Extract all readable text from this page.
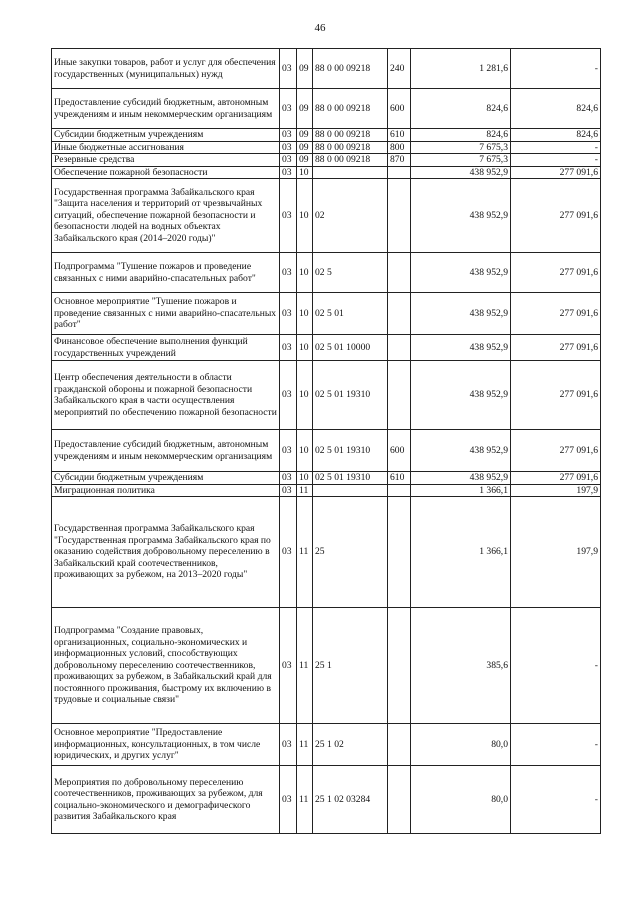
46
Иные закупки товаров, работ и услуг для обеспечения государственных (муниципальных) нужд	03	09	88 0 00 09218	240	1 281,6	-
Предоставление субсидий бюджетным, автономным учреждениям и иным некоммерческим организациям	03	09	88 0 00 09218	600	824,6	824,6
Субсидии бюджетным учреждениям	03	09	88 0 00 09218	610	824,6	824,6
Иные бюджетные ассигнования	03	09	88 0 00 09218	800	7 675,3	-
Резервные средства	03	09	88 0 00 09218	870	7 675,3	-
Обеспечение пожарной безопасности	03	10			438 952,9	277 091,6
Государственная программа Забайкальского края "Защита населения и территорий от чрезвычайных ситуаций, обеспечение пожарной безопасности и безопасности людей на водных объектах Забайкальского края (2014–2020 годы)"	03	10	02		438 952,9	277 091,6
Подпрограмма "Тушение пожаров и проведение связанных с ними аварийно-спасательных работ"	03	10	02 5		438 952,9	277 091,6
Основное мероприятие "Тушение пожаров и проведение связанных с ними аварийно-спасательных работ"	03	10	02 5 01		438 952,9	277 091,6
Финансовое обеспечение выполнения функций государственных учреждений	03	10	02 5 01 10000		438 952,9	277 091,6
Центр обеспечения деятельности в области гражданской обороны и пожарной безопасности Забайкальского края в части осуществления мероприятий по обеспечению пожарной безопасности	03	10	02 5 01 19310		438 952,9	277 091,6
Предоставление субсидий бюджетным, автономным учреждениям и иным некоммерческим организациям	03	10	02 5 01 19310	600	438 952,9	277 091,6
Субсидии бюджетным учреждениям	03	10	02 5 01 19310	610	438 952,9	277 091,6
Миграционная политика	03	11			1 366,1	197,9
Государственная программа Забайкальского края "Государственная программа Забайкальского края по оказанию содействия добровольному переселению в Забайкальский край соотечественников, проживающих за рубежом, на 2013–2020 годы"	03	11	25		1 366,1	197,9
Подпрограмма "Создание правовых, организационных, социально-экономических и информационных условий, способствующих добровольному переселению соотечественников, проживающих за рубежом, в Забайкальский край для постоянного проживания, быстрому их включению в трудовые и социальные связи"	03	11	25 1		385,6	-
Основное мероприятие "Предоставление информационных, консультационных, в том числе юридических, и других услуг"	03	11	25 1 02		80,0	-
Мероприятия по добровольному переселению соотечественников, проживающих за рубежом, для социально-экономического и демографического развития Забайкальского края	03	11	25 1 02 03284		80,0	-
